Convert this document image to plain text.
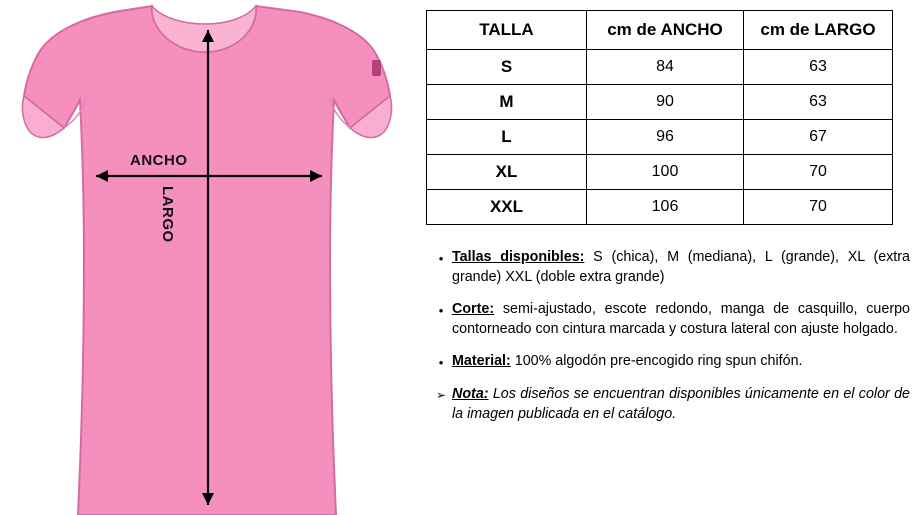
ANCHO
LARGO
TALLA	cm de ANCHO	cm de LARGO
S	84	63
M	90	63
L	96	67
XL	100	70
XXL	106	70
• Tallas disponibles: S (chica), M (mediana), L (grande), XL (extra grande) XXL (doble extra grande)
• Corte: semi-ajustado, escote redondo, manga de casquillo, cuerpo contorneado con cintura marcada y costura lateral con ajuste holgado.
• Material: 100% algodón pre-encogido ring spun chifón.
➢ Nota: Los diseños se encuentran disponibles únicamente en el color de la imagen publicada en el catálogo.
